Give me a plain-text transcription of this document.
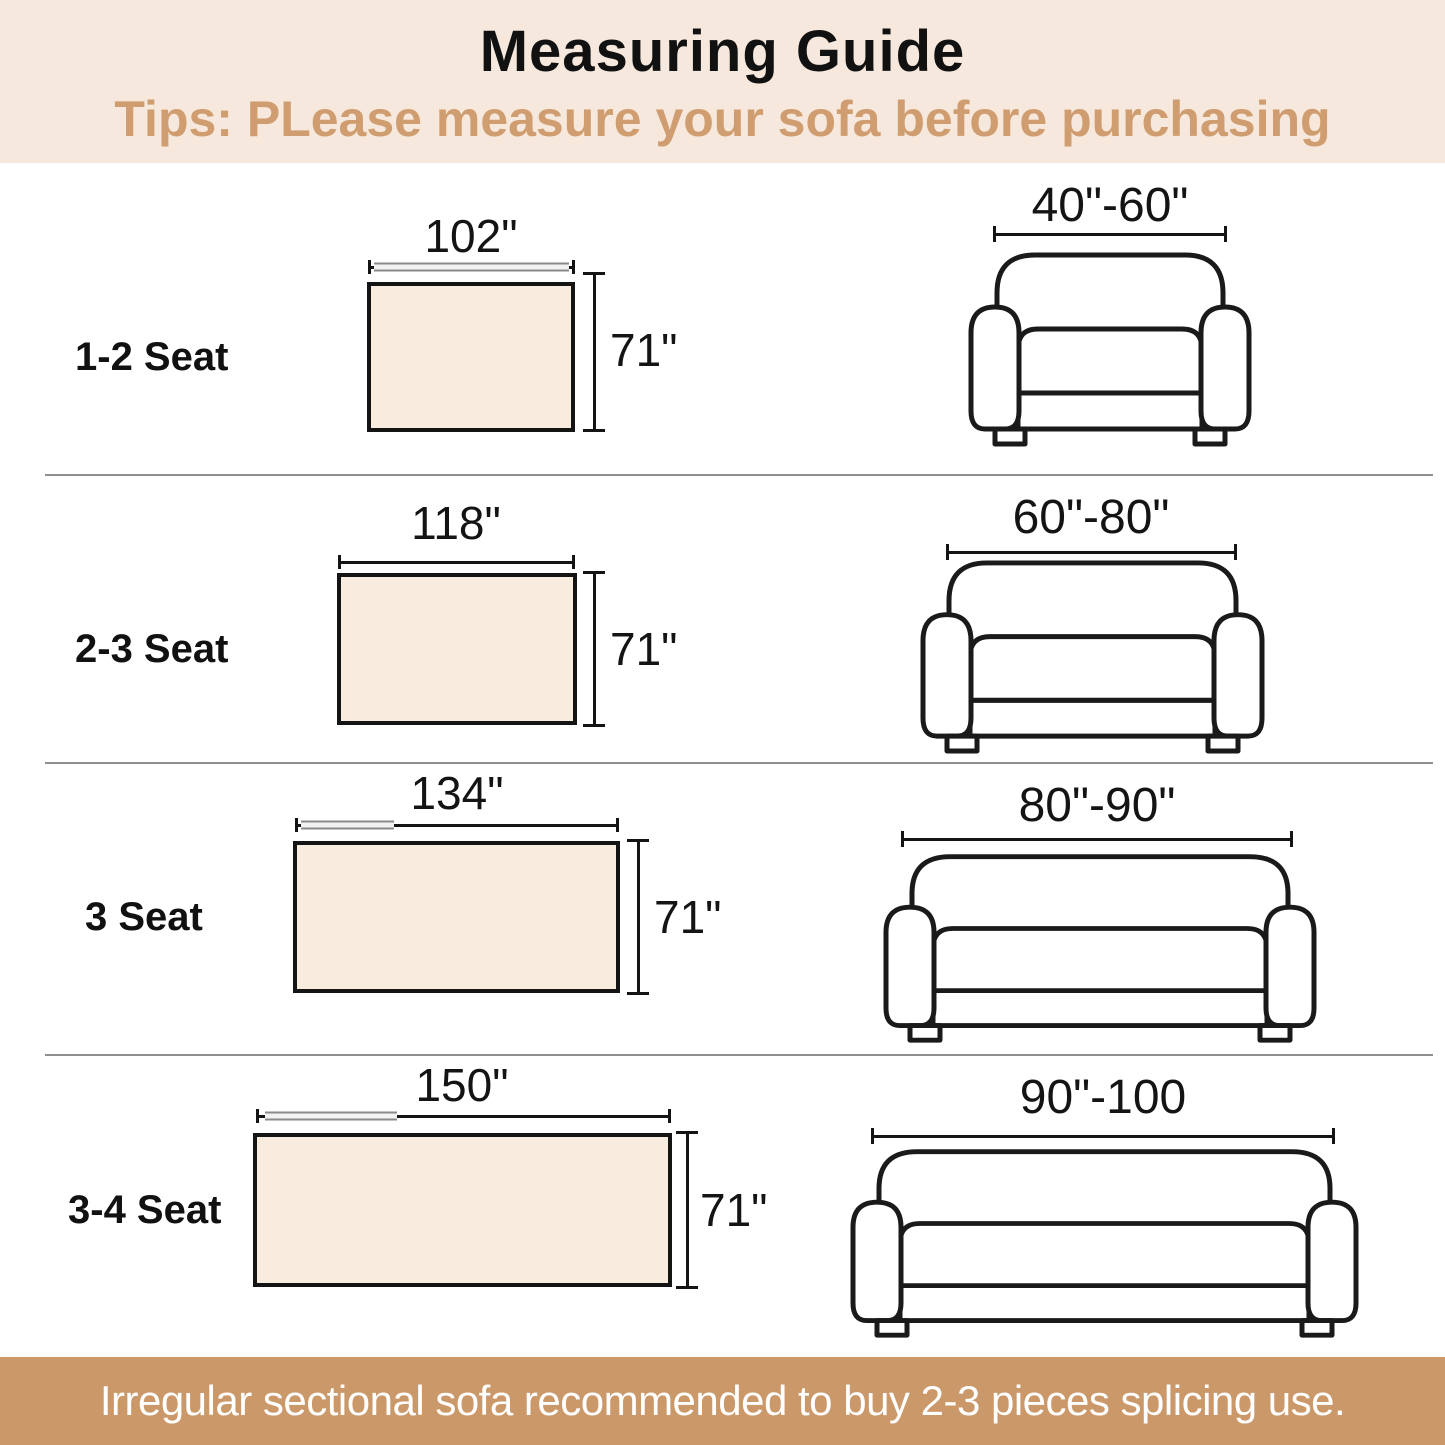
Measuring Guide
Tips: PLease measure your sofa before purchasing
1-2 Seat
102"
71"
40"-60"
2-3 Seat
118"
71"
60"-80"
3 Seat
134"
71"
80"-90"
3-4 Seat
150"
71"
90"-100
Irregular sectional sofa recommended to buy 2-3 pieces splicing use.
